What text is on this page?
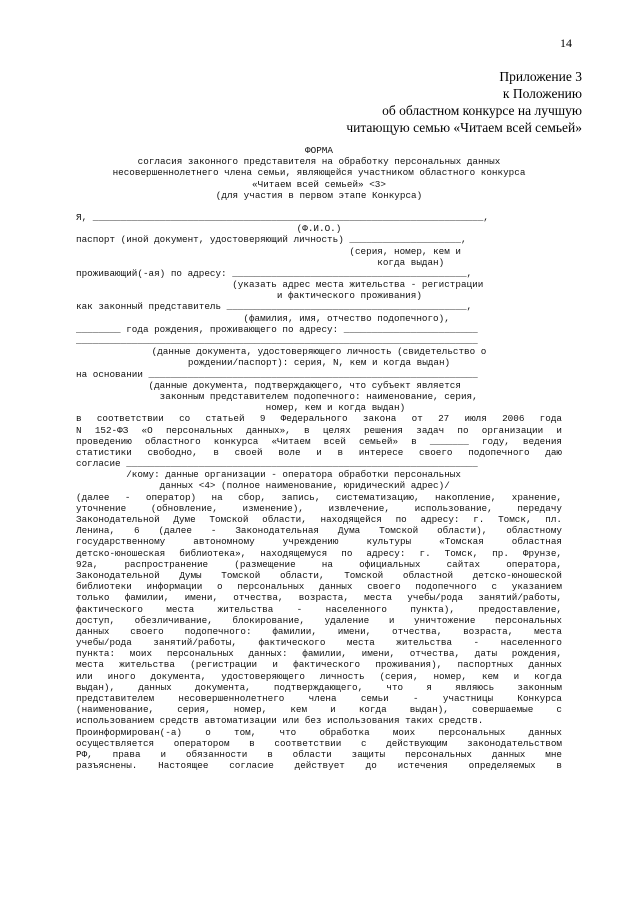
14
Приложение 3
к Положению
об областном конкурсе на лучшую
читающую семью «Читаем всей семьей»
ФОРМА
согласия законного представителя на обработку персональных данных
несовершеннолетнего члена семьи, являющейся участником областного конкурса
«Читаем всей семьей» <3>
(для участия в первом этапе Конкурса)
Я, ______________________________________________________________________,
(Ф.И.О.)
паспорт (иной документ, удостоверяющий личность) ____________________,
(серия, номер, кем и
когда выдан)
проживающий(-ая) по адресу: __________________________________________,
(указать адрес места жительства - регистрации
и фактического проживания)
как законный представитель ___________________________________________,
(фамилия, имя, отчество подопечного),
________ года рождения, проживающего по адресу: ________________________
________________________________________________________________________
(данные документа, удостоверяющего личность (свидетельство о
рождении/паспорт): серия, N, кем и когда выдан)
на основании ___________________________________________________________
(данные документа, подтверждающего, что субъект является
законным представителем подопечного: наименование, серия,
номер, кем и когда выдан)
в соответствии со статьей 9 Федерального закона от 27 июля 2006 года
N 152-ФЗ «О персональных данных», в целях решения задач по организации и
проведению областного конкурса «Читаем всей семьей» в _______ году, ведения
статистики свободно, в своей воле и в интересе своего подопечного даю
согласие _______________________________________________________________
/кому: данные организации - оператора обработки персональных
данных <4> (полное наименование, юридический адрес)/
(далее - оператор) на сбор, запись, систематизацию, накопление, хранение,
уточнение (обновление, изменение), извлечение, использование, передачу
Законодательной Думе Томской области, находящейся по адресу: г. Томск, пл.
Ленина, 6 (далее - Законодательная Дума Томской области), областному
государственному автономному учреждению культуры «Томская областная
детско-юношеская библиотека», находящемуся по адресу: г. Томск, пр. Фрунзе,
92а, распространение (размещение на официальных сайтах оператора,
Законодательной Думы Томской области, Томской областной детско-юношеской
библиотеки информации о персональных данных своего подопечного с указанием
только фамилии, имени, отчества, возраста, места учебы/рода занятий/работы,
фактического места жительства - населенного пункта), предоставление,
доступ, обезличивание, блокирование, удаление и уничтожение персональных
данных своего подопечного: фамилии, имени, отчества, возраста, места
учебы/рода занятий/работы, фактического места жительства - населенного
пункта: моих персональных данных: фамилии, имени, отчества, даты рождения,
места жительства (регистрации и фактического проживания), паспортных данных
или иного документа, удостоверяющего личность (серия, номер, кем и когда
выдан), данных документа, подтверждающего, что я являюсь законным
представителем несовершеннолетнего члена семьи - участницы Конкурса
(наименование, серия, номер, кем и когда выдан), совершаемые с
использованием средств автоматизации или без использования таких средств.
Проинформирован(-а) о том, что обработка моих персональных данных
осуществляется оператором в соответствии с действующим законодательством
РФ, права и обязанности в области защиты персональных данных мне
разъяснены. Настоящее согласие действует до истечения определяемых в
